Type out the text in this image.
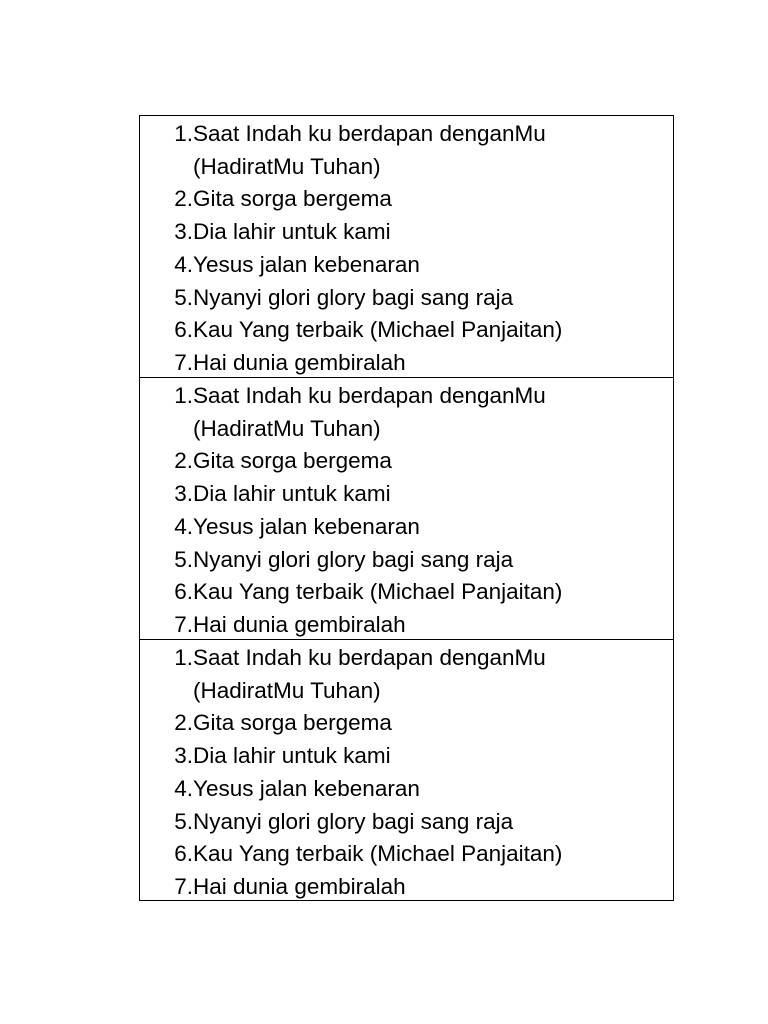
1. Saat Indah ku berdapan denganMu (HadiratMu Tuhan)
2. Gita sorga bergema
3. Dia lahir untuk kami
4. Yesus jalan kebenaran
5. Nyanyi glori glory bagi sang raja
6. Kau Yang terbaik (Michael Panjaitan)
7. Hai dunia gembiralah
1. Saat Indah ku berdapan denganMu (HadiratMu Tuhan)
2. Gita sorga bergema
3. Dia lahir untuk kami
4. Yesus jalan kebenaran
5. Nyanyi glori glory bagi sang raja
6. Kau Yang terbaik (Michael Panjaitan)
7. Hai dunia gembiralah
1. Saat Indah ku berdapan denganMu (HadiratMu Tuhan)
2. Gita sorga bergema
3. Dia lahir untuk kami
4. Yesus jalan kebenaran
5. Nyanyi glori glory bagi sang raja
6. Kau Yang terbaik (Michael Panjaitan)
7. Hai dunia gembiralah
